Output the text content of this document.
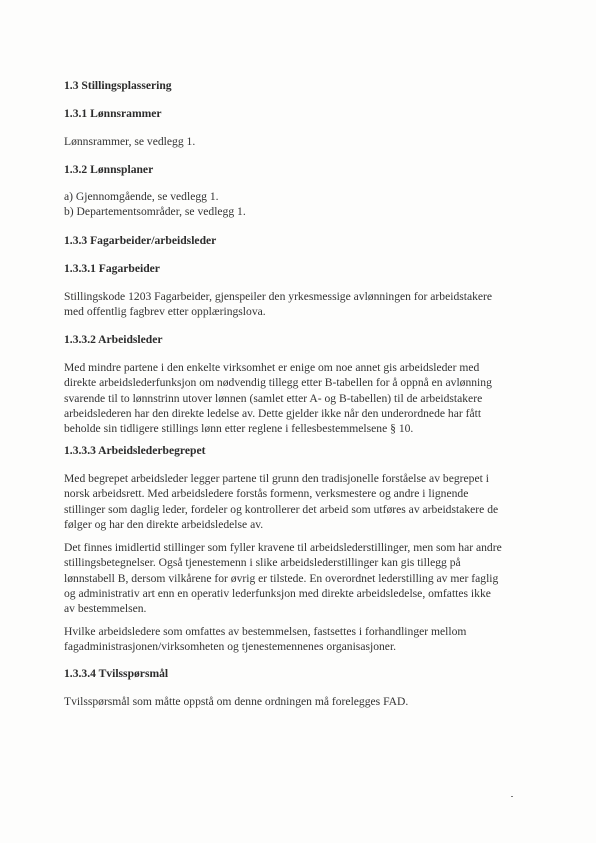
1.3 Stillingsplassering
1.3.1 Lønnsrammer
Lønnsrammer, se vedlegg 1.
1.3.2 Lønnsplaner
a) Gjennomgående, se vedlegg 1.
b) Departementsområder, se vedlegg 1.
1.3.3 Fagarbeider/arbeidsleder
1.3.3.1 Fagarbeider
Stillingskode 1203 Fagarbeider, gjenspeiler den yrkesmessige avlønningen for arbeidstakere
med offentlig fagbrev etter opplæringslova.
1.3.3.2 Arbeidsleder
Med mindre partene i den enkelte virksomhet er enige om noe annet gis arbeidsleder med
direkte arbeidslederfunksjon om nødvendig tillegg etter B-tabellen for å oppnå en avlønning
svarende til to lønnstrinn utover lønnen (samlet etter A- og B-tabellen) til de arbeidstakere
arbeidslederen har den direkte ledelse av. Dette gjelder ikke når den underordnede har fått
beholde sin tidligere stillings lønn etter reglene i fellesbestemmelsene § 10.
1.3.3.3 Arbeidslederbegrepet
Med begrepet arbeidsleder legger partene til grunn den tradisjonelle forståelse av begrepet i
norsk arbeidsrett. Med arbeidsledere forstås formenn, verksmestere og andre i lignende
stillinger som daglig leder, fordeler og kontrollerer det arbeid som utføres av arbeidstakere de
følger og har den direkte arbeidsledelse av.
Det finnes imidlertid stillinger som fyller kravene til arbeidslederstillinger, men som har andre
stillingsbetegnelser. Også tjenestemenn i slike arbeidslederstillinger kan gis tillegg på
lønnstabell B, dersom vilkårene for øvrig er tilstede. En overordnet lederstilling av mer faglig
og administrativ art enn en operativ lederfunksjon med direkte arbeidsledelse, omfattes ikke
av bestemmelsen.
Hvilke arbeidsledere som omfattes av bestemmelsen, fastsettes i forhandlinger mellom
fagadministrasjonen/virksomheten og tjenestemennenes organisasjoner.
1.3.3.4 Tvilsspørsmål
Tvilsspørsmål som måtte oppstå om denne ordningen må forelegges FAD.
